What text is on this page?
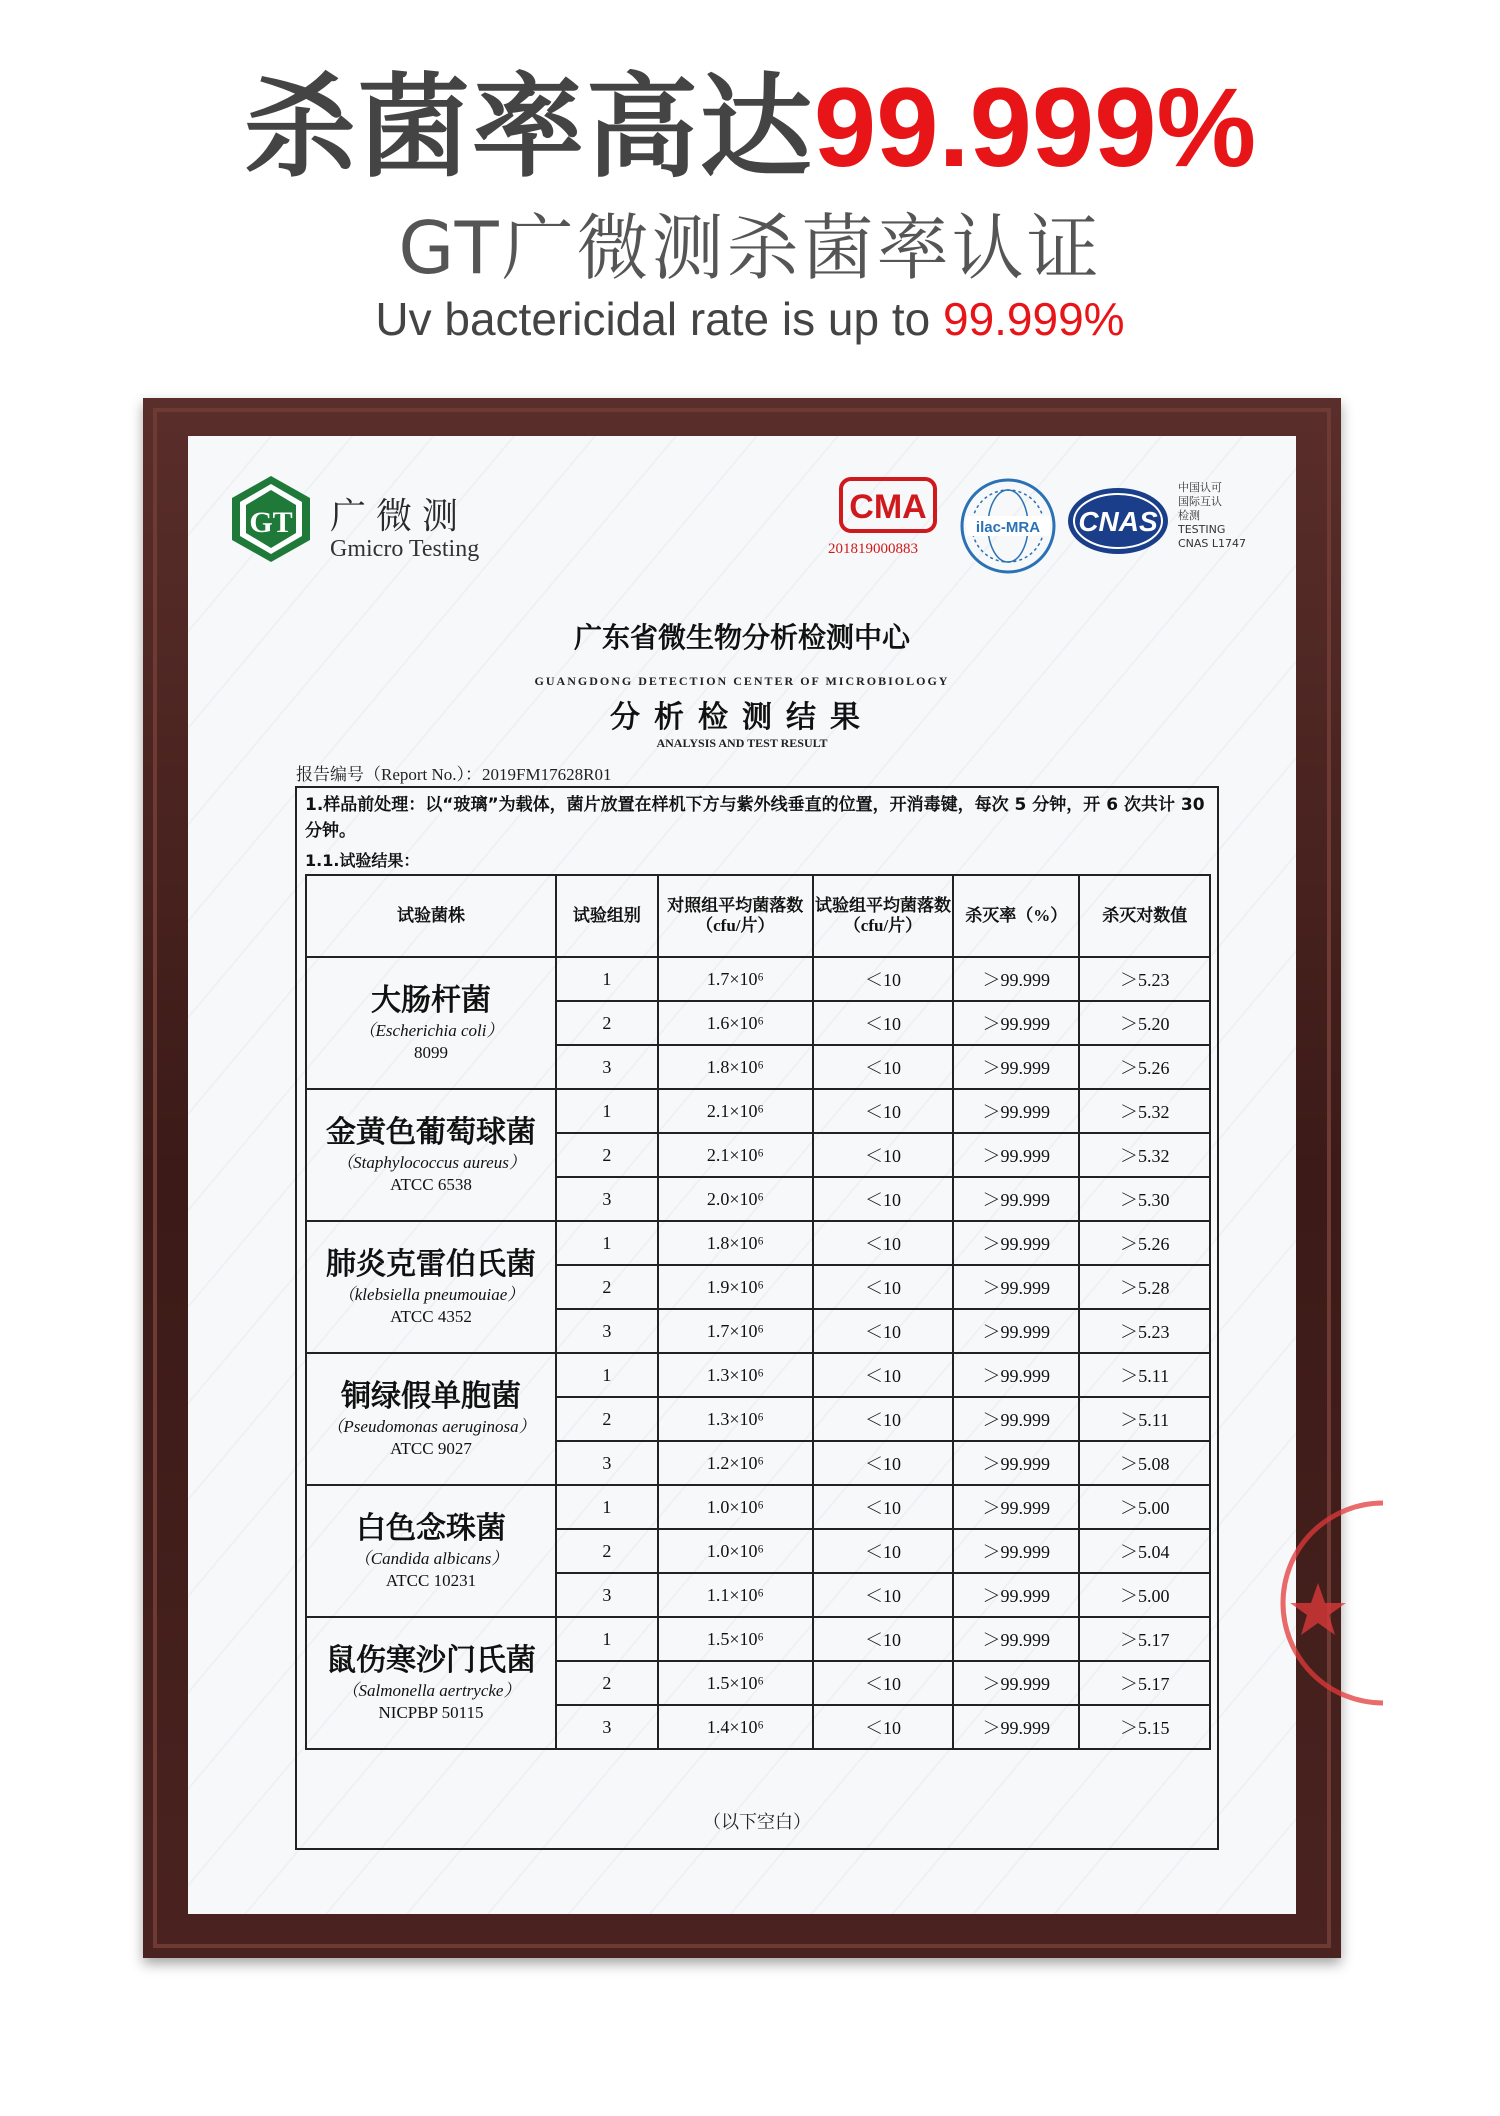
杀菌率高达99.999%
GT广微测杀菌率认证
Uv bactericidal rate is up to 99.999%
GT 广微测
Gmicro Testing
CMA
201819000883
ilac-MRA CNAS
中国认可
国际互认
检测
TESTING
CNAS L1747
广东省微生物分析检测中心
GUANGDONG DETECTION CENTER OF MICROBIOLOGY
分析检测结果
ANALYSIS AND TEST RESULT
报告编号（Report No.）：2019FM17628R01
1.样品前处理：以“玻璃”为载体，菌片放置在样机下方与紫外线垂直的位置，开消毒键，每次 5 分钟，开 6 次共计 30 分钟。
1.1.试验结果：
试验菌株	试验组别	对照组平均菌落数（cfu/片）	试验组平均菌落数（cfu/片）	杀灭率（%）	杀灭对数值

大肠杆菌
（Escherichia coli）
8099	1	1.7×10⁶	＜10	＞99.999	＞5.23
	2	1.6×10⁶	＜10	＞99.999	＞5.20
	3	1.8×10⁶	＜10	＞99.999	＞5.26

金黄色葡萄球菌
（Staphylococcus aureus）
ATCC 6538	1	2.1×10⁶	＜10	＞99.999	＞5.32
	2	2.1×10⁶	＜10	＞99.999	＞5.32
	3	2.0×10⁶	＜10	＞99.999	＞5.30

肺炎克雷伯氏菌
（klebsiella pneumouiae）
ATCC 4352	1	1.8×10⁶	＜10	＞99.999	＞5.26
	2	1.9×10⁶	＜10	＞99.999	＞5.28
	3	1.7×10⁶	＜10	＞99.999	＞5.23

铜绿假单胞菌
（Pseudomonas aeruginosa）
ATCC 9027	1	1.3×10⁶	＜10	＞99.999	＞5.11
	2	1.3×10⁶	＜10	＞99.999	＞5.11
	3	1.2×10⁶	＜10	＞99.999	＞5.08

白色念珠菌
（Candida albicans）
ATCC 10231	1	1.0×10⁶	＜10	＞99.999	＞5.00
	2	1.0×10⁶	＜10	＞99.999	＞5.04
	3	1.1×10⁶	＜10	＞99.999	＞5.00

鼠伤寒沙门氏菌
（Salmonella aertrycke）
NICPBP 50115	1	1.5×10⁶	＜10	＞99.999	＞5.17
	2	1.5×10⁶	＜10	＞99.999	＞5.17
	3	1.4×10⁶	＜10	＞99.999	＞5.15
（以下空白）
